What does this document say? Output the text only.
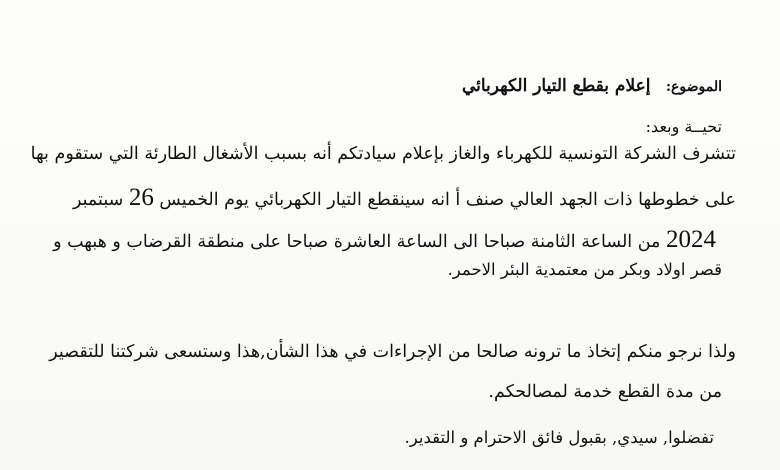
الموضوع: إعلام بقطع التيار الكهربائي
تحيــة وبعد:
تتشرف الشركة التونسية للكهرباء والغاز بإعلام سيادتكم أنه بسبب الأشغال الطارئة التي ستقوم بها
على خطوطها ذات الجهد العالي صنف أ انه سينقطع التيار الكهربائي يوم الخميس 26 سبتمبر
2024 من الساعة الثامنة صباحا الى الساعة العاشرة صباحا على منطقة القرضاب و هبهب و
قصر اولاد وبكر من معتمدية البئر الاحمر.
ولذا نرجو منكم إتخاذ ما ترونه صالحا من الإجراءات في هذا الشأن,هذا وستسعى شركتنا للتقصير
من مدة القطع خدمة لمصالحكم.
تفضلوا, سيدي, بقبول فائق الاحترام و التقدير.
